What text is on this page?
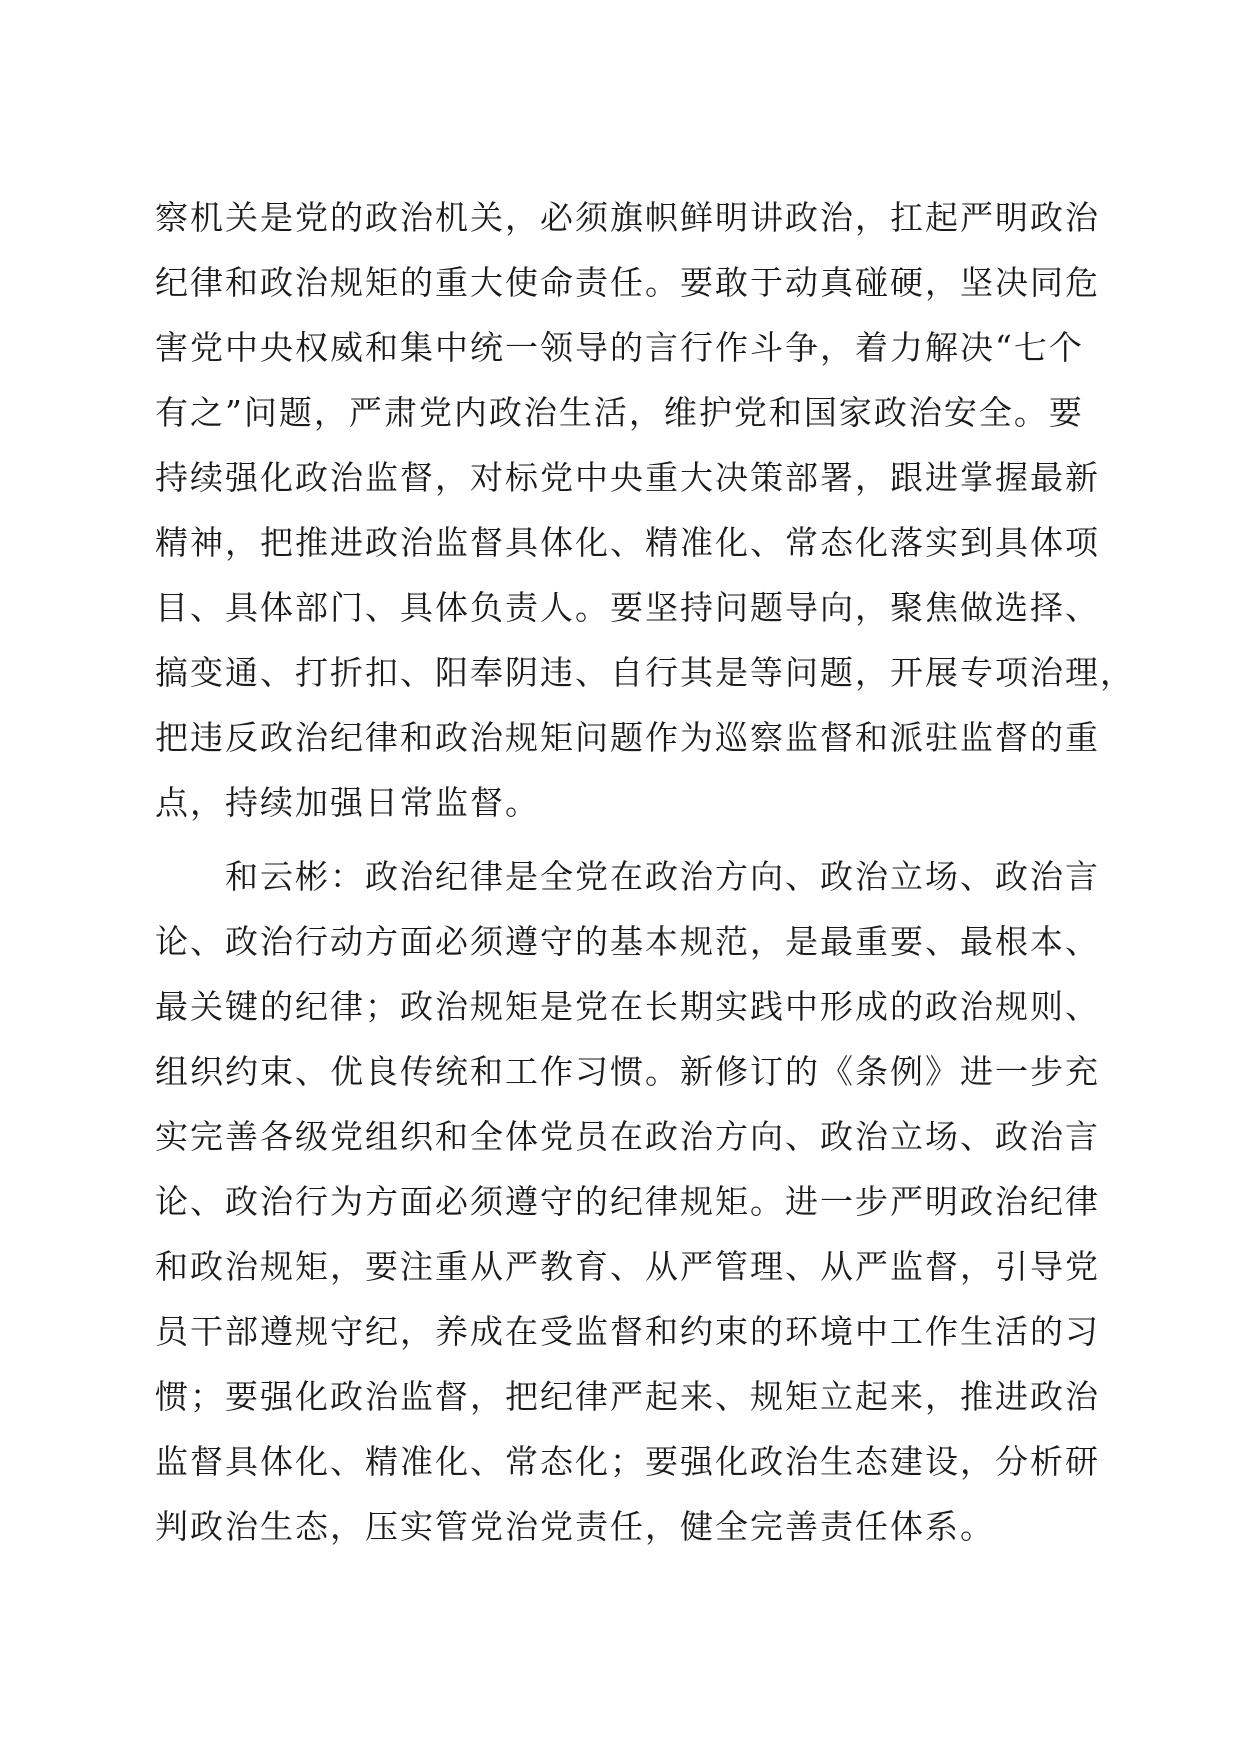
察机关是党的政治机关，必须旗帜鲜明讲政治，扛起严明政治
纪律和政治规矩的重大使命责任。要敢于动真碰硬，坚决同危
害党中央权威和集中统一领导的言行作斗争，着力解决“七个
有之”问题，严肃党内政治生活，维护党和国家政治安全。要
持续强化政治监督，对标党中央重大决策部署，跟进掌握最新
精神，把推进政治监督具体化、精准化、常态化落实到具体项
目、具体部门、具体负责人。要坚持问题导向，聚焦做选择、
搞变通、打折扣、阳奉阴违、自行其是等问题，开展专项治理，
把违反政治纪律和政治规矩问题作为巡察监督和派驻监督的重
点，持续加强日常监督。
　　和云彬：政治纪律是全党在政治方向、政治立场、政治言
论、政治行动方面必须遵守的基本规范，是最重要、最根本、
最关键的纪律；政治规矩是党在长期实践中形成的政治规则、
组织约束、优良传统和工作习惯。新修订的《条例》进一步充
实完善各级党组织和全体党员在政治方向、政治立场、政治言
论、政治行为方面必须遵守的纪律规矩。进一步严明政治纪律
和政治规矩，要注重从严教育、从严管理、从严监督，引导党
员干部遵规守纪，养成在受监督和约束的环境中工作生活的习
惯；要强化政治监督，把纪律严起来、规矩立起来，推进政治
监督具体化、精准化、常态化；要强化政治生态建设，分析研
判政治生态，压实管党治党责任，健全完善责任体系。
